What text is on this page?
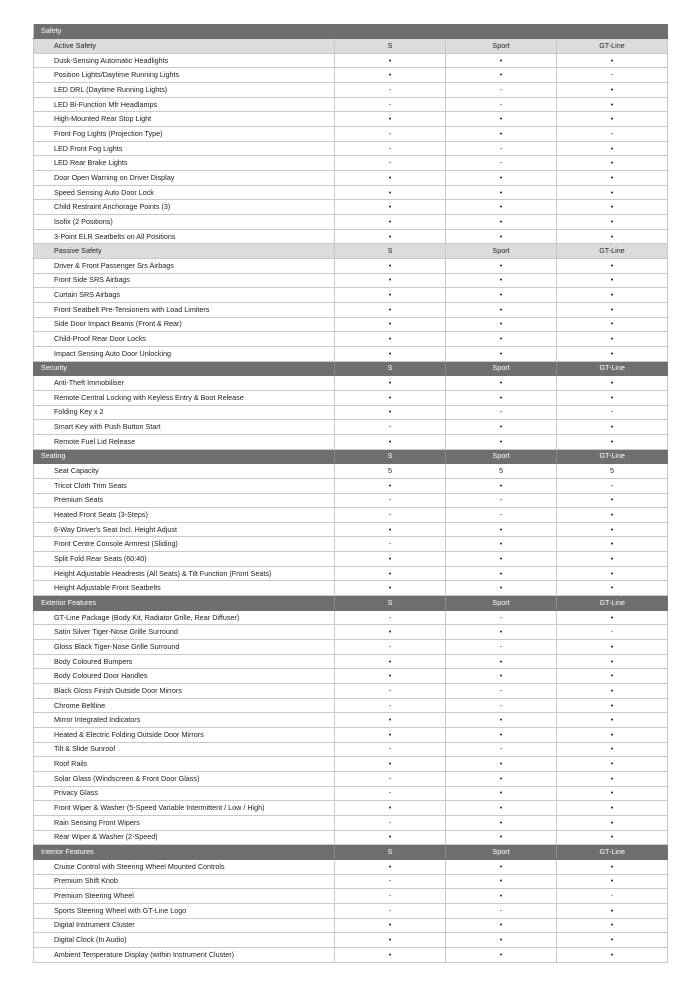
Safety			
Active Safety	S	Sport	GT-Line
Dusk-Sensing Automatic Headlights	•	•	•
Position Lights/Daytime Running Lights	•	•	-
LED DRL (Daytime Running Lights)	-	-	•
LED Bi-Function Mfr Headlamps	-	-	•
High-Mounted Rear Stop Light	•	•	•
Front Fog Lights (Projection Type)	-	•	-
LED Front Fog Lights	-	-	•
LED Rear Brake Lights	-	-	•
Door Open Warning on Driver Display	•	•	•
Speed Sensing Auto Door Lock	•	•	•
Child Restraint Anchorage Points (3)	•	•	•
Isofix (2 Positions)	•	•	•
3-Point ELR Seatbelts on All Positions	•	•	•
Passive Safety	S	Sport	GT-Line
Driver & Front Passenger Srs Airbags	•	•	•
Front Side SRS Airbags	•	•	•
Curtain SRS Airbags	•	•	•
Front Seatbelt Pre-Tensioners with Load Limiters	•	•	•
Side Door Impact Beams (Front & Rear)	•	•	•
Child-Proof Rear Door Locks	•	•	•
Impact Sensing Auto Door Unlocking	•	•	•
Security	S	Sport	GT-Line
Anti-Theft Immobiliser	•	•	•
Remote Central Locking with Keyless Entry & Boot Release	•	•	•
Folding Key x 2	•	-	-
Smart Key with Push Button Start	-	•	•
Remote Fuel Lid Release	•	•	•
Seating	S	Sport	GT-Line
Seat Capacity	5	5	5
Tricot Cloth Trim Seats	•	•	-
Premium Seats	-	-	•
Heated Front Seats (3-Steps)	-	-	•
6-Way Driver's Seat Incl. Height Adjust	•	•	•
Front Centre Console Armrest (Sliding)	-	•	•
Split Fold Rear Seats (60:40)	•	•	•
Height Adjustable Headrests (All Seats) & Tilt Function (Front Seats)	•	•	•
Height Adjustable Front Seatbelts	•	•	•
Exterior Features	S	Sport	GT-Line
GT-Line Package (Body Kit, Radiator Grille, Rear Diffuser)	-	-	•
Satin Silver Tiger-Nose Grille Surround	•	•	-
Gloss Black Tiger-Nose Grille Surround	-	-	•
Body Coloured Bumpers	•	•	•
Body Coloured Door Handles	•	•	•
Black Gloss Finish Outside Door Mirrors	-	-	•
Chrome Beltline	-	-	•
Mirror Integrated Indicators	•	•	•
Heated & Electric Folding Outside Door Mirrors	•	•	•
Tilt & Slide Sunroof	-	-	•
Roof Rails	•	•	•
Solar Glass (Windscreen & Front Door Glass)	-	•	•
Privacy Glass	-	•	•
Front Wiper & Washer (5-Speed Variable Intermittent / Low / High)	•	•	•
Rain Sensing Front Wipers	-	•	•
Rear Wiper & Washer (2-Speed)	•	•	•
Interior Features	S	Sport	GT-Line
Cruise Control with Steering Wheel Mounted Controls	•	•	•
Premium Shift Knob	-	•	•
Premium Steering Wheel	-	•	-
Sports Steering Wheel with GT-Line Logo	-	-	•
Digital Instrument Cluster	•	•	•
Digital Clock (In Audio)	•	•	•
Ambient Temperature Display (within Instrument Cluster)	•	•	•
